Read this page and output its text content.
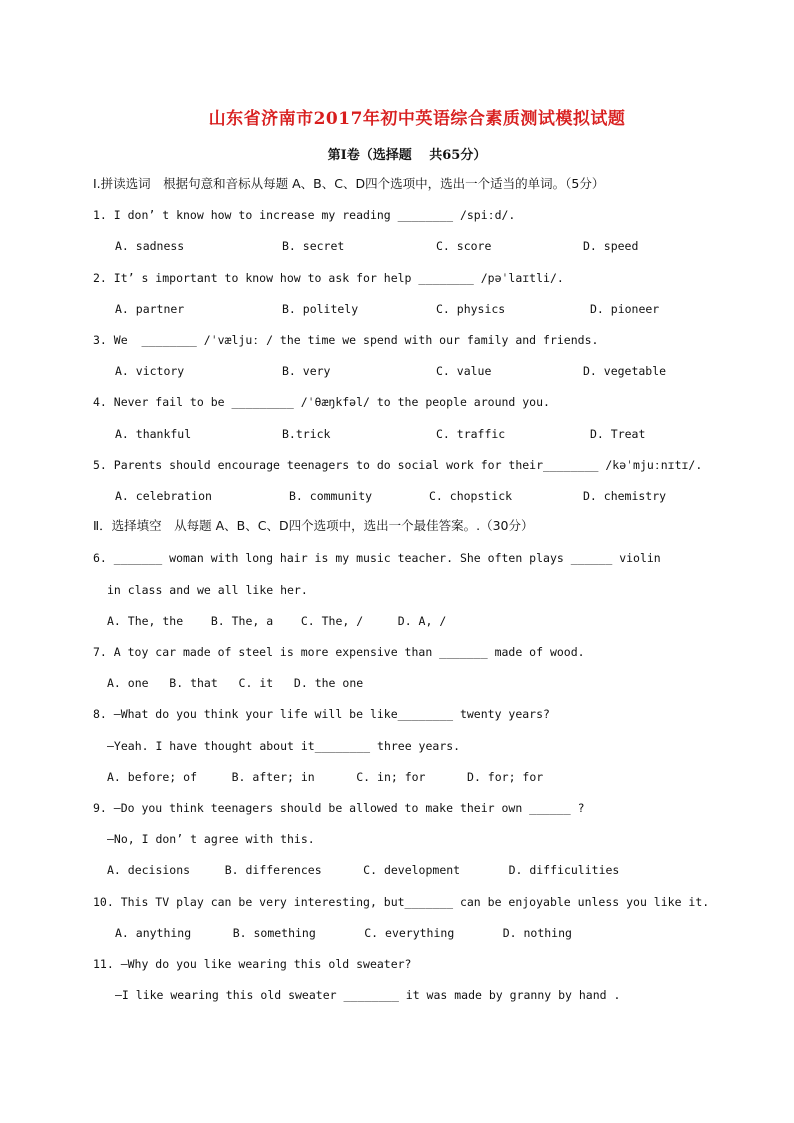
山东省济南市2017年初中英语综合素质测试模拟试题
第Ⅰ卷（选择题　 共65分）
Ⅰ.拼读选词　根据句意和音标从每题 A、B、C、D四个选项中，选出一个适当的单词。（5分）
1. I don’ t know how to increase my reading ________ /spiːd/.

A. sadness

	B. secret

	C. score

	D. speed

2. It’ s important to know how to ask for help ________ /pəˈlaɪtli/.

A. partner

	B. politely

	C. physics

	D. pioneer

3. We  ________ /ˈvæljuː / the time we spend with our family and friends.

A. victory

	B. very

	C. value

	D. vegetable

4. Never fail to be _________ /ˈθæŋkfəl/ to the people around you.

A. thankful

	B.trick

	C. traffic

	D. Treat

5. Parents should encourage teenagers to do social work for their________ /kəˈmjuːnɪtɪ/.

A. celebration

	B. community

	C. chopstick

	D. chemistry

Ⅱ．选择填空　从每题 A、B、C、D四个选项中，选出一个最佳答案。.（30分）
6. _______ woman with long hair is my music teacher. She often plays ______ violin
in class and we all like her.
A. The, the    B. The, a    C. The, /     D. A, /
7. A toy car made of steel is more expensive than _______ made of wood.
A. one   B. that   C. it   D. the one
8. —What do you think your life will be like________ twenty years?
—Yeah. I have thought about it________ three years.
A. before; of     B. after; in      C. in; for      D. for; for
9. —Do you think teenagers should be allowed to make their own ______ ?
—No, I don’ t agree with this.
A. decisions     B. differences      C. development       D. difficulities
10. This TV play can be very interesting, but_______ can be enjoyable unless you like it.
A. anything      B. something       C. everything       D. nothing
11. —Why do you like wearing this old sweater?
—I like wearing this old sweater ________ it was made by granny by hand .
